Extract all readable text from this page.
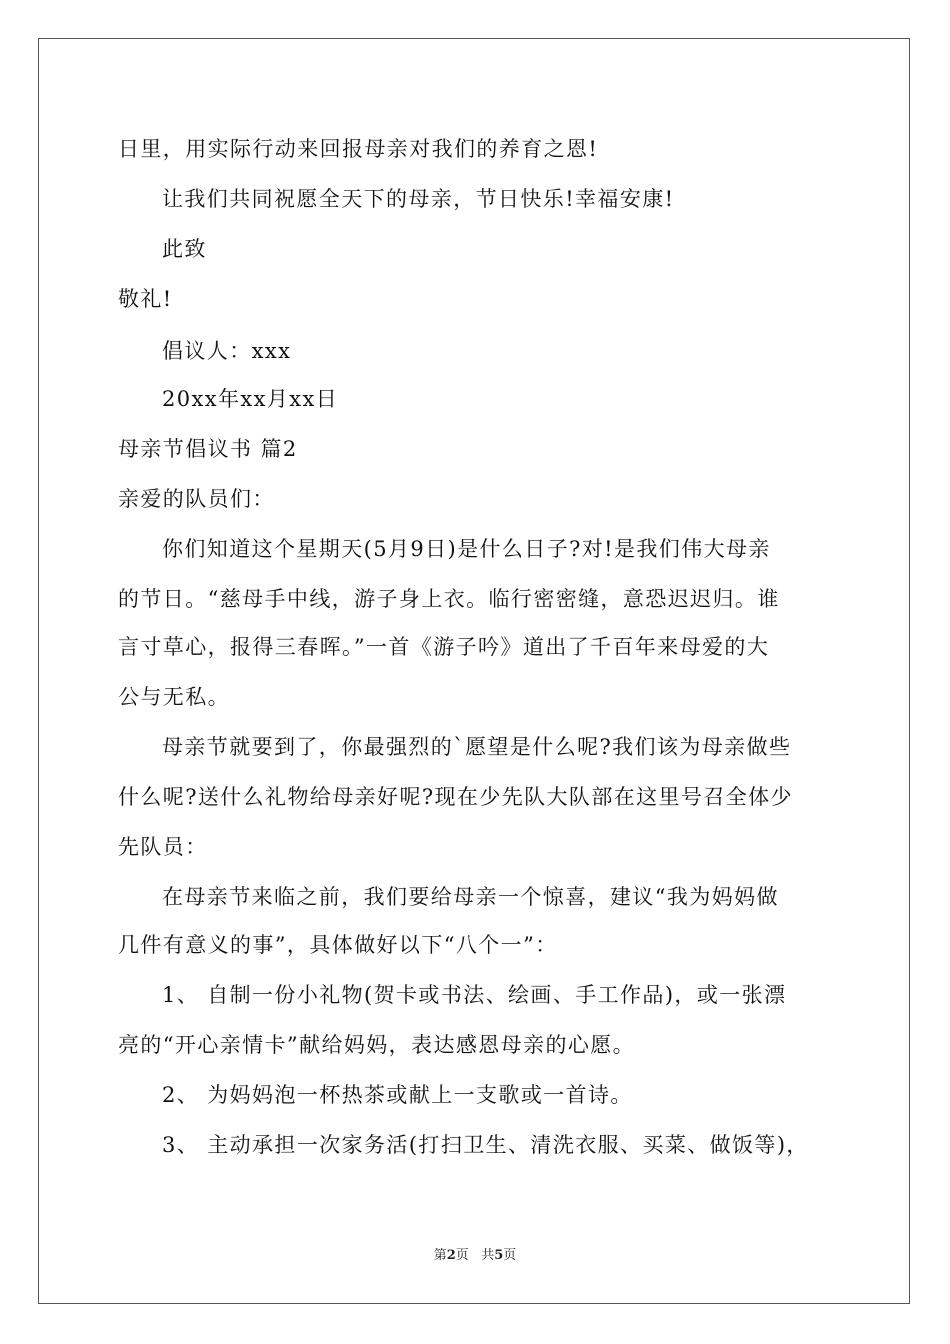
日里，用实际行动来回报母亲对我们的养育之恩!
让我们共同祝愿全天下的母亲，节日快乐!幸福安康!
此致
敬礼!
倡议人：xxx
20xx年xx月xx日
母亲节倡议书 篇2
亲爱的队员们：
你们知道这个星期天(5月9日)是什么日子?对!是我们伟大母亲
的节日。“慈母手中线，游子身上衣。临行密密缝，意恐迟迟归。谁
言寸草心，报得三春晖。”一首《游子吟》道出了千百年来母爱的大
公与无私。
母亲节就要到了，你最强烈的`愿望是什么呢?我们该为母亲做些
什么呢?送什么礼物给母亲好呢?现在少先队大队部在这里号召全体少
先队员：
在母亲节来临之前，我们要给母亲一个惊喜，建议“我为妈妈做
几件有意义的事”，具体做好以下“八个一”：
1、 自制一份小礼物(贺卡或书法、绘画、手工作品)，或一张漂
亮的“开心亲情卡”献给妈妈，表达感恩母亲的心愿。
2、 为妈妈泡一杯热茶或献上一支歌或一首诗。
3、 主动承担一次家务活(打扫卫生、清洗衣服、买菜、做饭等)，
第2页 共5页
